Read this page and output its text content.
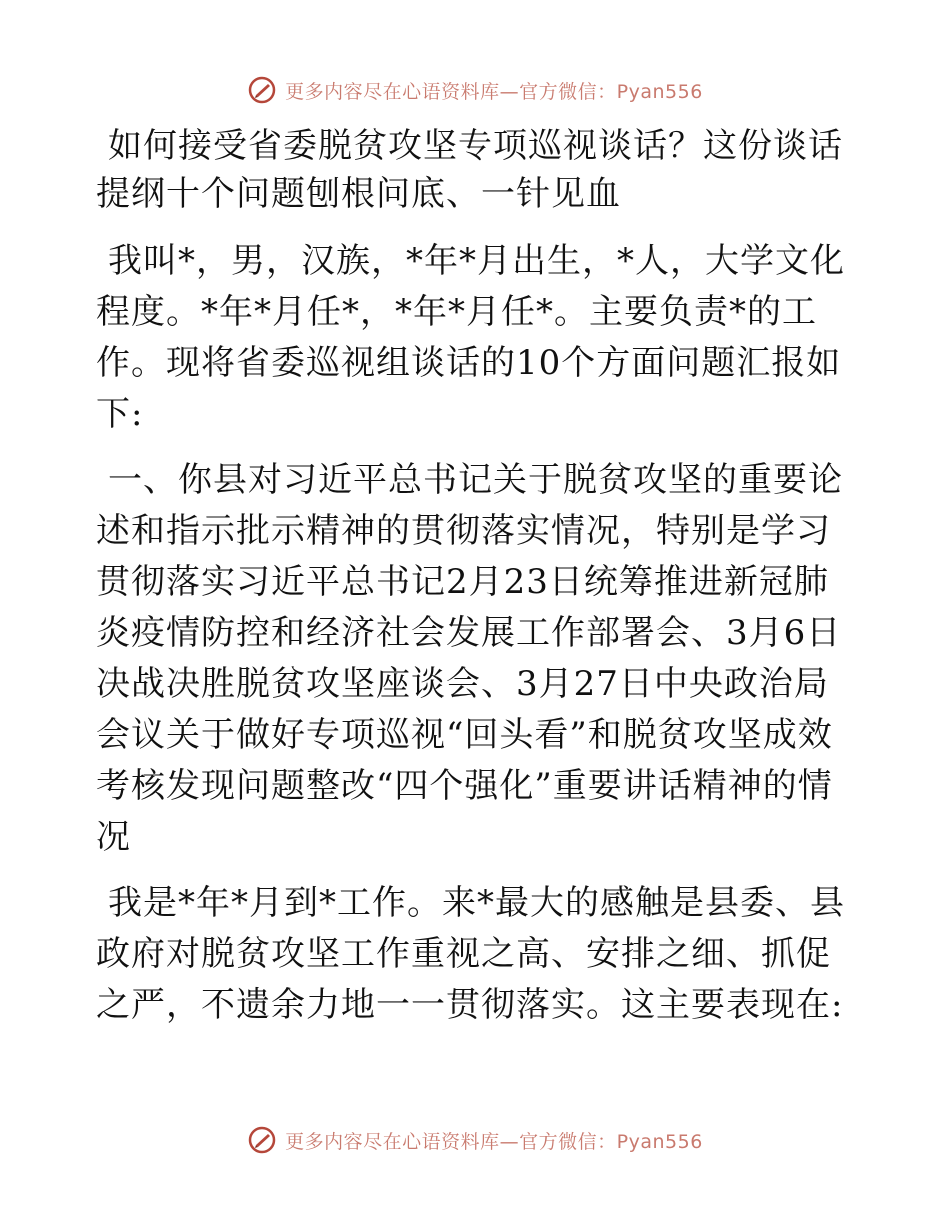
更多内容尽在心语资料库—官方微信：Pyan556

如何接受省委脱贫攻坚专项巡视谈话？这份谈话提纲十个问题刨根问底、一针见血

我叫*，男，汉族，*年*月出生，*人，大学文化程度。*年*月任*，*年*月任*。主要负责*的工作。现将省委巡视组谈话的10个方面问题汇报如下:

一、你县对习近平总书记关于脱贫攻坚的重要论述和指示批示精神的贯彻落实情况，特别是学习贯彻落实习近平总书记2月23日统筹推进新冠肺炎疫情防控和经济社会发展工作部署会、3月6日决战决胜脱贫攻坚座谈会、3月27日中央政治局会议关于做好专项巡视“回头看”和脱贫攻坚成效考核发现问题整改“四个强化”重要讲话精神的情况

我是*年*月到*工作。来*最大的感触是县委、县政府对脱贫攻坚工作重视之高、安排之细、抓促之严，不遗余力地一一贯彻落实。这主要表现在:

更多内容尽在心语资料库—官方微信：Pyan556
